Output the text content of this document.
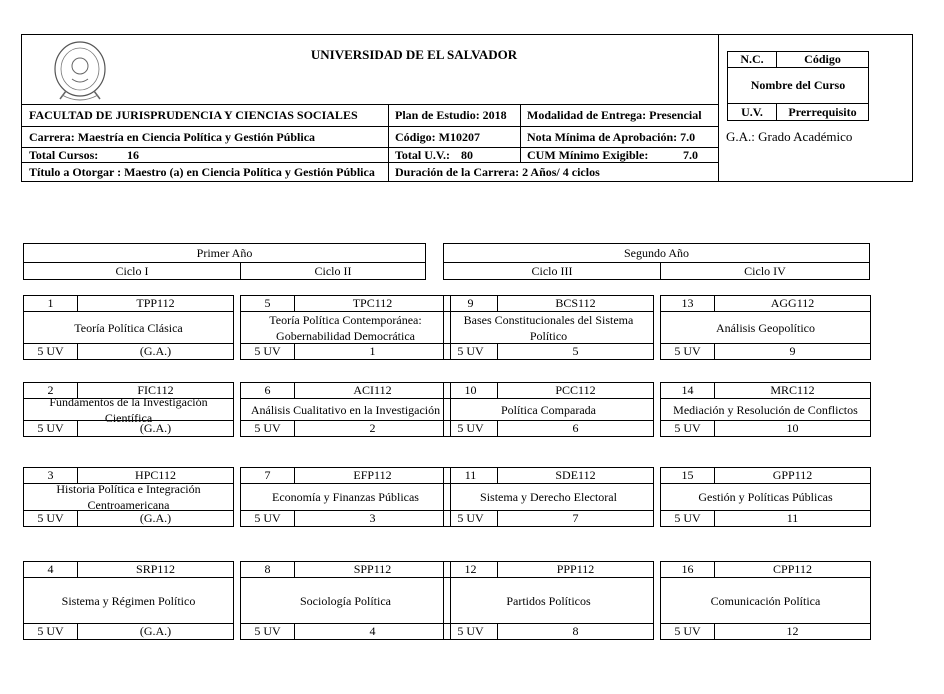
UNIVERSIDAD DE EL SALVADOR
FACULTAD DE JURISPRUDENCIA Y CIENCIAS SOCIALES	Plan de Estudio: 2018	Modalidad de Entrega: Presencial
Carrera: Maestría en Ciencia Política y Gestión Pública	Código: M10207	Nota Mínima de Aprobación: 7.0
Total Cursos:	16	Total U.V.: 80	CUM Mínimo Exigible:	7.0
Título a Otorgar : Maestro (a) en Ciencia Política y Gestión Pública	Duración de la Carrera: 2 Años/ 4 ciclos
N.C.	Código
Nombre del Curso
U.V.	Prerrequisito
G.A.: Grado Académico
Primer Año
Ciclo I	Ciclo II
Segundo Año
Ciclo III	Ciclo IV
1	TPP112
Teoría Política Clásica
5 UV	(G.A.)
2	FIC112
Fundamentos de la Investigación Científica
5 UV	(G.A.)
3	HPC112
Historia Política e Integración Centroamericana
5 UV	(G.A.)
4	SRP112
Sistema y Régimen Político
5 UV	(G.A.)
5	TPC112
Teoría Política Contemporánea: Gobernabilidad Democrática
5 UV	1
6	ACI112
Análisis Cualitativo en la Investigación
5 UV	2
7	EFP112
Economía y Finanzas Públicas
5 UV	3
8	SPP112
Sociología Política
5 UV	4
9	BCS112
Bases Constitucionales del Sistema Político
5 UV	5
10	PCC112
Política Comparada
5 UV	6
11	SDE112
Sistema y Derecho Electoral
5 UV	7
12	PPP112
Partidos Políticos
5 UV	8
13	AGG112
Análisis Geopolítico
5 UV	9
14	MRC112
Mediación y Resolución de Conflictos
5 UV	10
15	GPP112
Gestión y Políticas Públicas
5 UV	11
16	CPP112
Comunicación Política
5 UV	12
